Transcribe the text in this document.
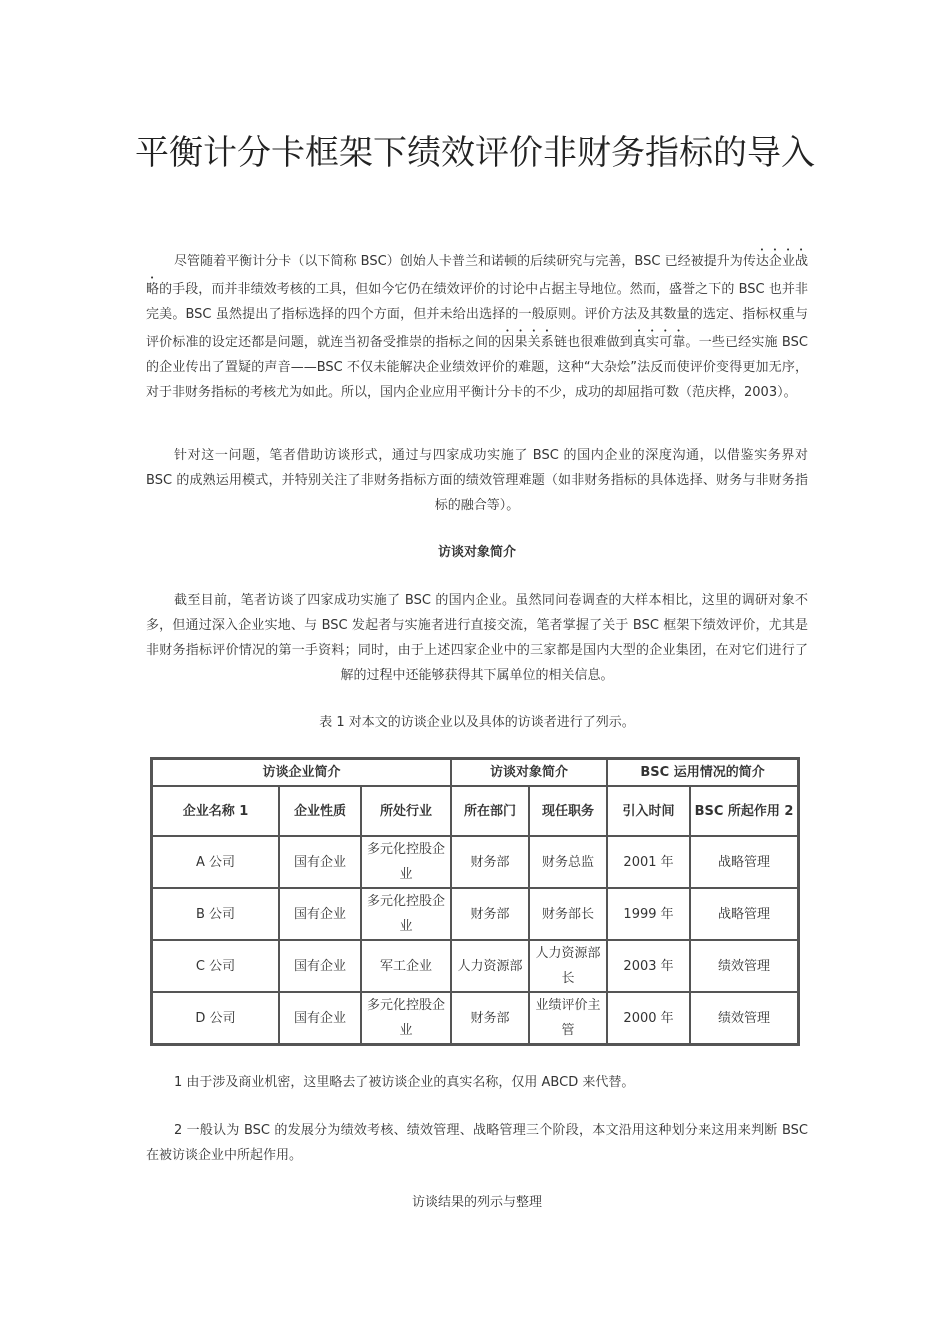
平衡计分卡框架下绩效评价非财务指标的导入

尽管随着平衡计分卡（以下简称 BSC）创始人卡普兰和诺顿的后续研究与完善，BSC 已经被提升为传达企业战略的手段，而并非绩效考核的工具，但如今它仍在绩效评价的讨论中占据主导地位。然而，盛誉之下的 BSC 也并非完美。BSC 虽然提出了指标选择的四个方面，但并未给出选择的一般原则。评价方法及其数量的选定、指标权重与评价标准的设定还都是问题，就连当初备受推崇的指标之间的因果关系链也很难做到真实可靠。一些已经实施 BSC 的企业传出了置疑的声音——BSC 不仅未能解决企业绩效评价的难题，这种“大杂烩”法反而使评价变得更加无序，对于非财务指标的考核尤为如此。所以，国内企业应用平衡计分卡的不少，成功的却屈指可数（范庆桦，2003）。

针对这一问题，笔者借助访谈形式，通过与四家成功实施了 BSC 的国内企业的深度沟通，以借鉴实务界对 BSC 的成熟运用模式，并特别关注了非财务指标方面的绩效管理难题（如非财务指标的具体选择、财务与非财务指标的融合等）。

访谈对象简介

截至目前，笔者访谈了四家成功实施了 BSC 的国内企业。虽然同问卷调查的大样本相比，这里的调研对象不多，但通过深入企业实地、与 BSC 发起者与实施者进行直接交流，笔者掌握了关于 BSC 框架下绩效评价，尤其是非财务指标评价情况的第一手资料；同时，由于上述四家企业中的三家都是国内大型的企业集团，在对它们进行了解的过程中还能够获得其下属单位的相关信息。

表 1 对本文的访谈企业以及具体的访谈者进行了列示。

访谈企业简介			访谈对象简介		BSC 运用情况的简介	
企业名称 1	企业性质	所处行业	所在部门	现任职务	引入时间	BSC 所起作用 2
A 公司	国有企业	多元化控股企业	财务部	财务总监	2001 年	战略管理
B 公司	国有企业	多元化控股企业	财务部	财务部长	1999 年	战略管理
C 公司	国有企业	军工企业	人力资源部	人力资源部长	2003 年	绩效管理
D 公司	国有企业	多元化控股企业	财务部	业绩评价主管	2000 年	绩效管理

1 由于涉及商业机密，这里略去了被访谈企业的真实名称，仅用 ABCD 来代替。

2 一般认为 BSC 的发展分为绩效考核、绩效管理、战略管理三个阶段，本文沿用这种划分来这用来判断 BSC 在被访谈企业中所起作用。

访谈结果的列示与整理
